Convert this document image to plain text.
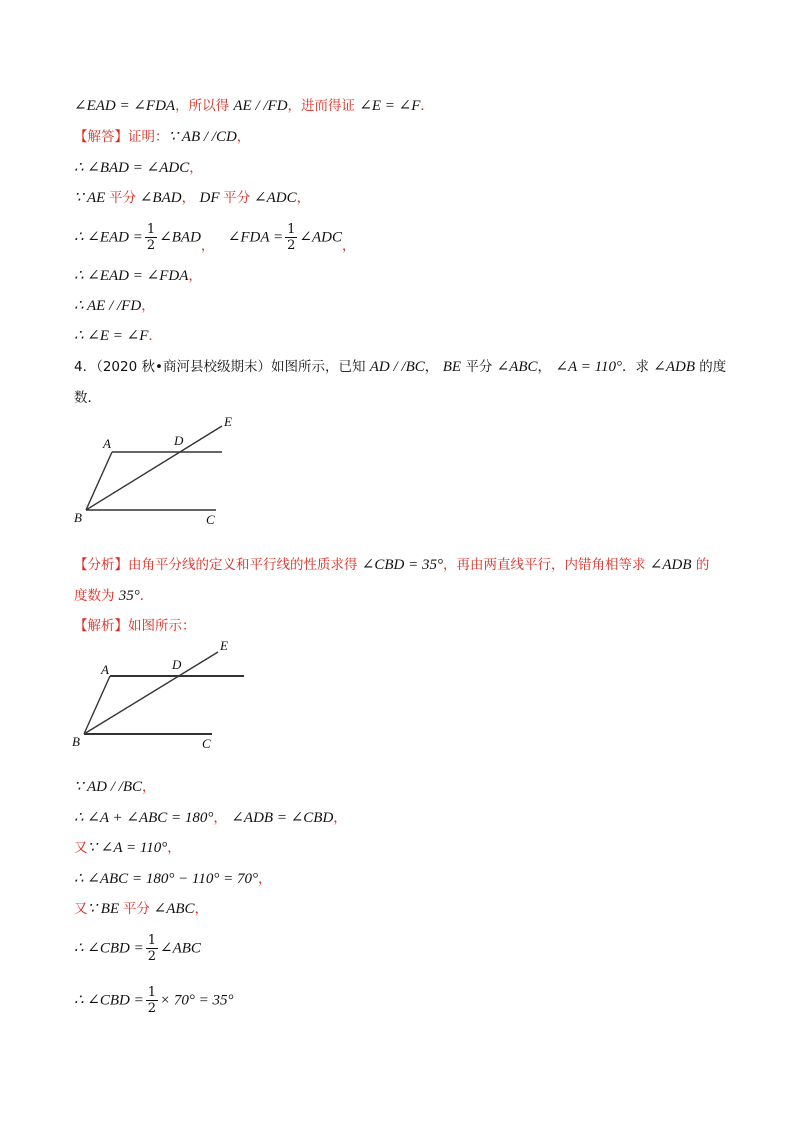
∠EAD = ∠FDA，所以得 AE / /FD，进而得证 ∠E = ∠F．
【解答】证明：∵ AB / /CD，
∴ ∠BAD = ∠ADC，
∵ AE 平分 ∠BAD， DF 平分 ∠ADC，
∴ ∠EAD = $\frac{1}{2}$ ∠BAD， ∠FDA = $\frac{1}{2}$ ∠ADC，
∴ ∠EAD = ∠FDA，
∴ AE / /FD，
∴ ∠E = ∠F．
4．（2020 秋•商河县校级期末）如图所示，已知 AD / /BC， BE 平分 ∠ABC， ∠A = 110°．求 ∠ADB 的度
数．
A	D
E
B	C
【分析】由角平分线的定义和平行线的性质求得 ∠CBD = 35°，再由两直线平行，内错角相等求 ∠ADB 的
度数为 35°．
【解析】如图所示：
A	D
E
B	C
∵ AD / /BC，
∴ ∠A + ∠ABC = 180°， ∠ADB = ∠CBD，
又∵ ∠A = 110°，
∴ ∠ABC = 180° − 110° = 70°，
又∵ BE 平分 ∠ABC，
∴ ∠CBD = $\frac{1}{2}$ ∠ABC
∴ ∠CBD = $\frac{1}{2} \times 70^\circ = 35^\circ$
